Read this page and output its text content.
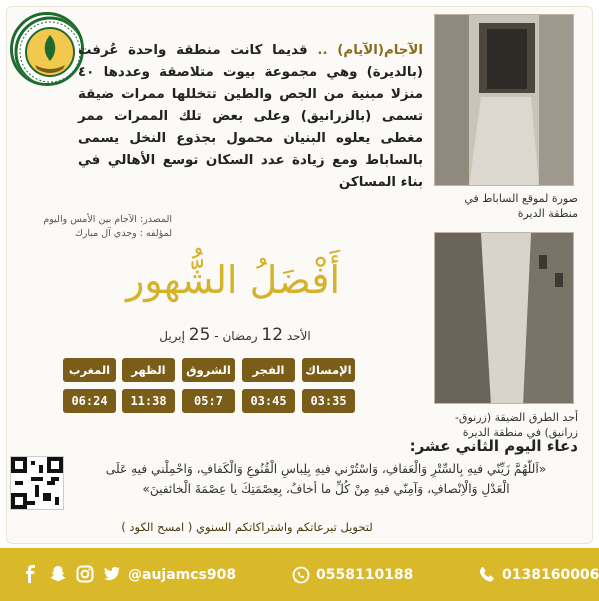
صورة لموقع الساباط في منطقة الديرة
أحد الطرق الضيقة (زرنوق-زرانيق) في منطقة الديرة
الآجام(الآيام) .. قديما كانت منطقة واحدة عُرفت (بالديرة) وهي مجموعة بيوت متلاصقة وعددها ٤٠ منزلا مبنية من الجص والطين تتخللها ممرات ضيقة تسمى (بالزرانيق) وعلى بعض تلك الممرات ممر مغطى يعلوه البنيان محمول بجذوع النخل يسمى بالساباط ومع زيادة عدد السكان توسع الأهالي في بناء المساكن
المصدر: الآجام بين الأمس واليوم
لمؤلفه : وجدي آل مبارك
أَفْضَلُ الشُّهور
الأحد 12 رمضان - 25 إبريل
الإمساك
03:35
الفجر
03:45
الشروق
05:7
الظهر
11:38
المغرب
06:24
دعاء اليوم الثاني عشر:
«اَللّهُمَّ زَيِّنّي فيهِ بِالسِّتْرِ وَالْعَفافِ، وَاسْتُرْني فيهِ بِلِباسِ الْقُنُوعِ وَالْكَفافِ، وَاحْمِلْني فيهِ عَلَى
الْعَدْلِ وَالْاِنْصافِ، وَآمِنّي فيهِ مِنْ كُلِّ ما أخافُ، بِعِصْمَتِكَ يا عِصْمَةَ الْخائفينَ»
لتحويل تبرعاتكم واشتراكاتكم السنوي ( امسح الكود )
@aujamcs908	0558110188	0138160006
